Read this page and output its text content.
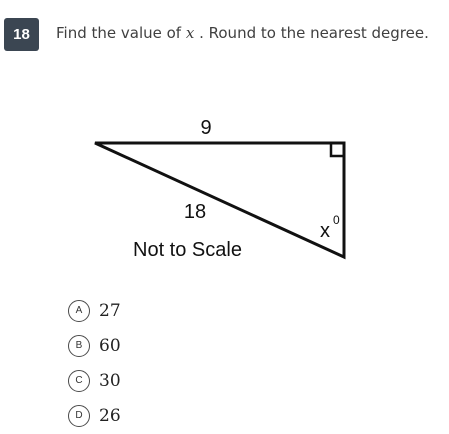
18	Find the value of x . Round to the nearest degree.
9
18
x 0
Not to Scale
A 27
B 60
C 30
D 26
